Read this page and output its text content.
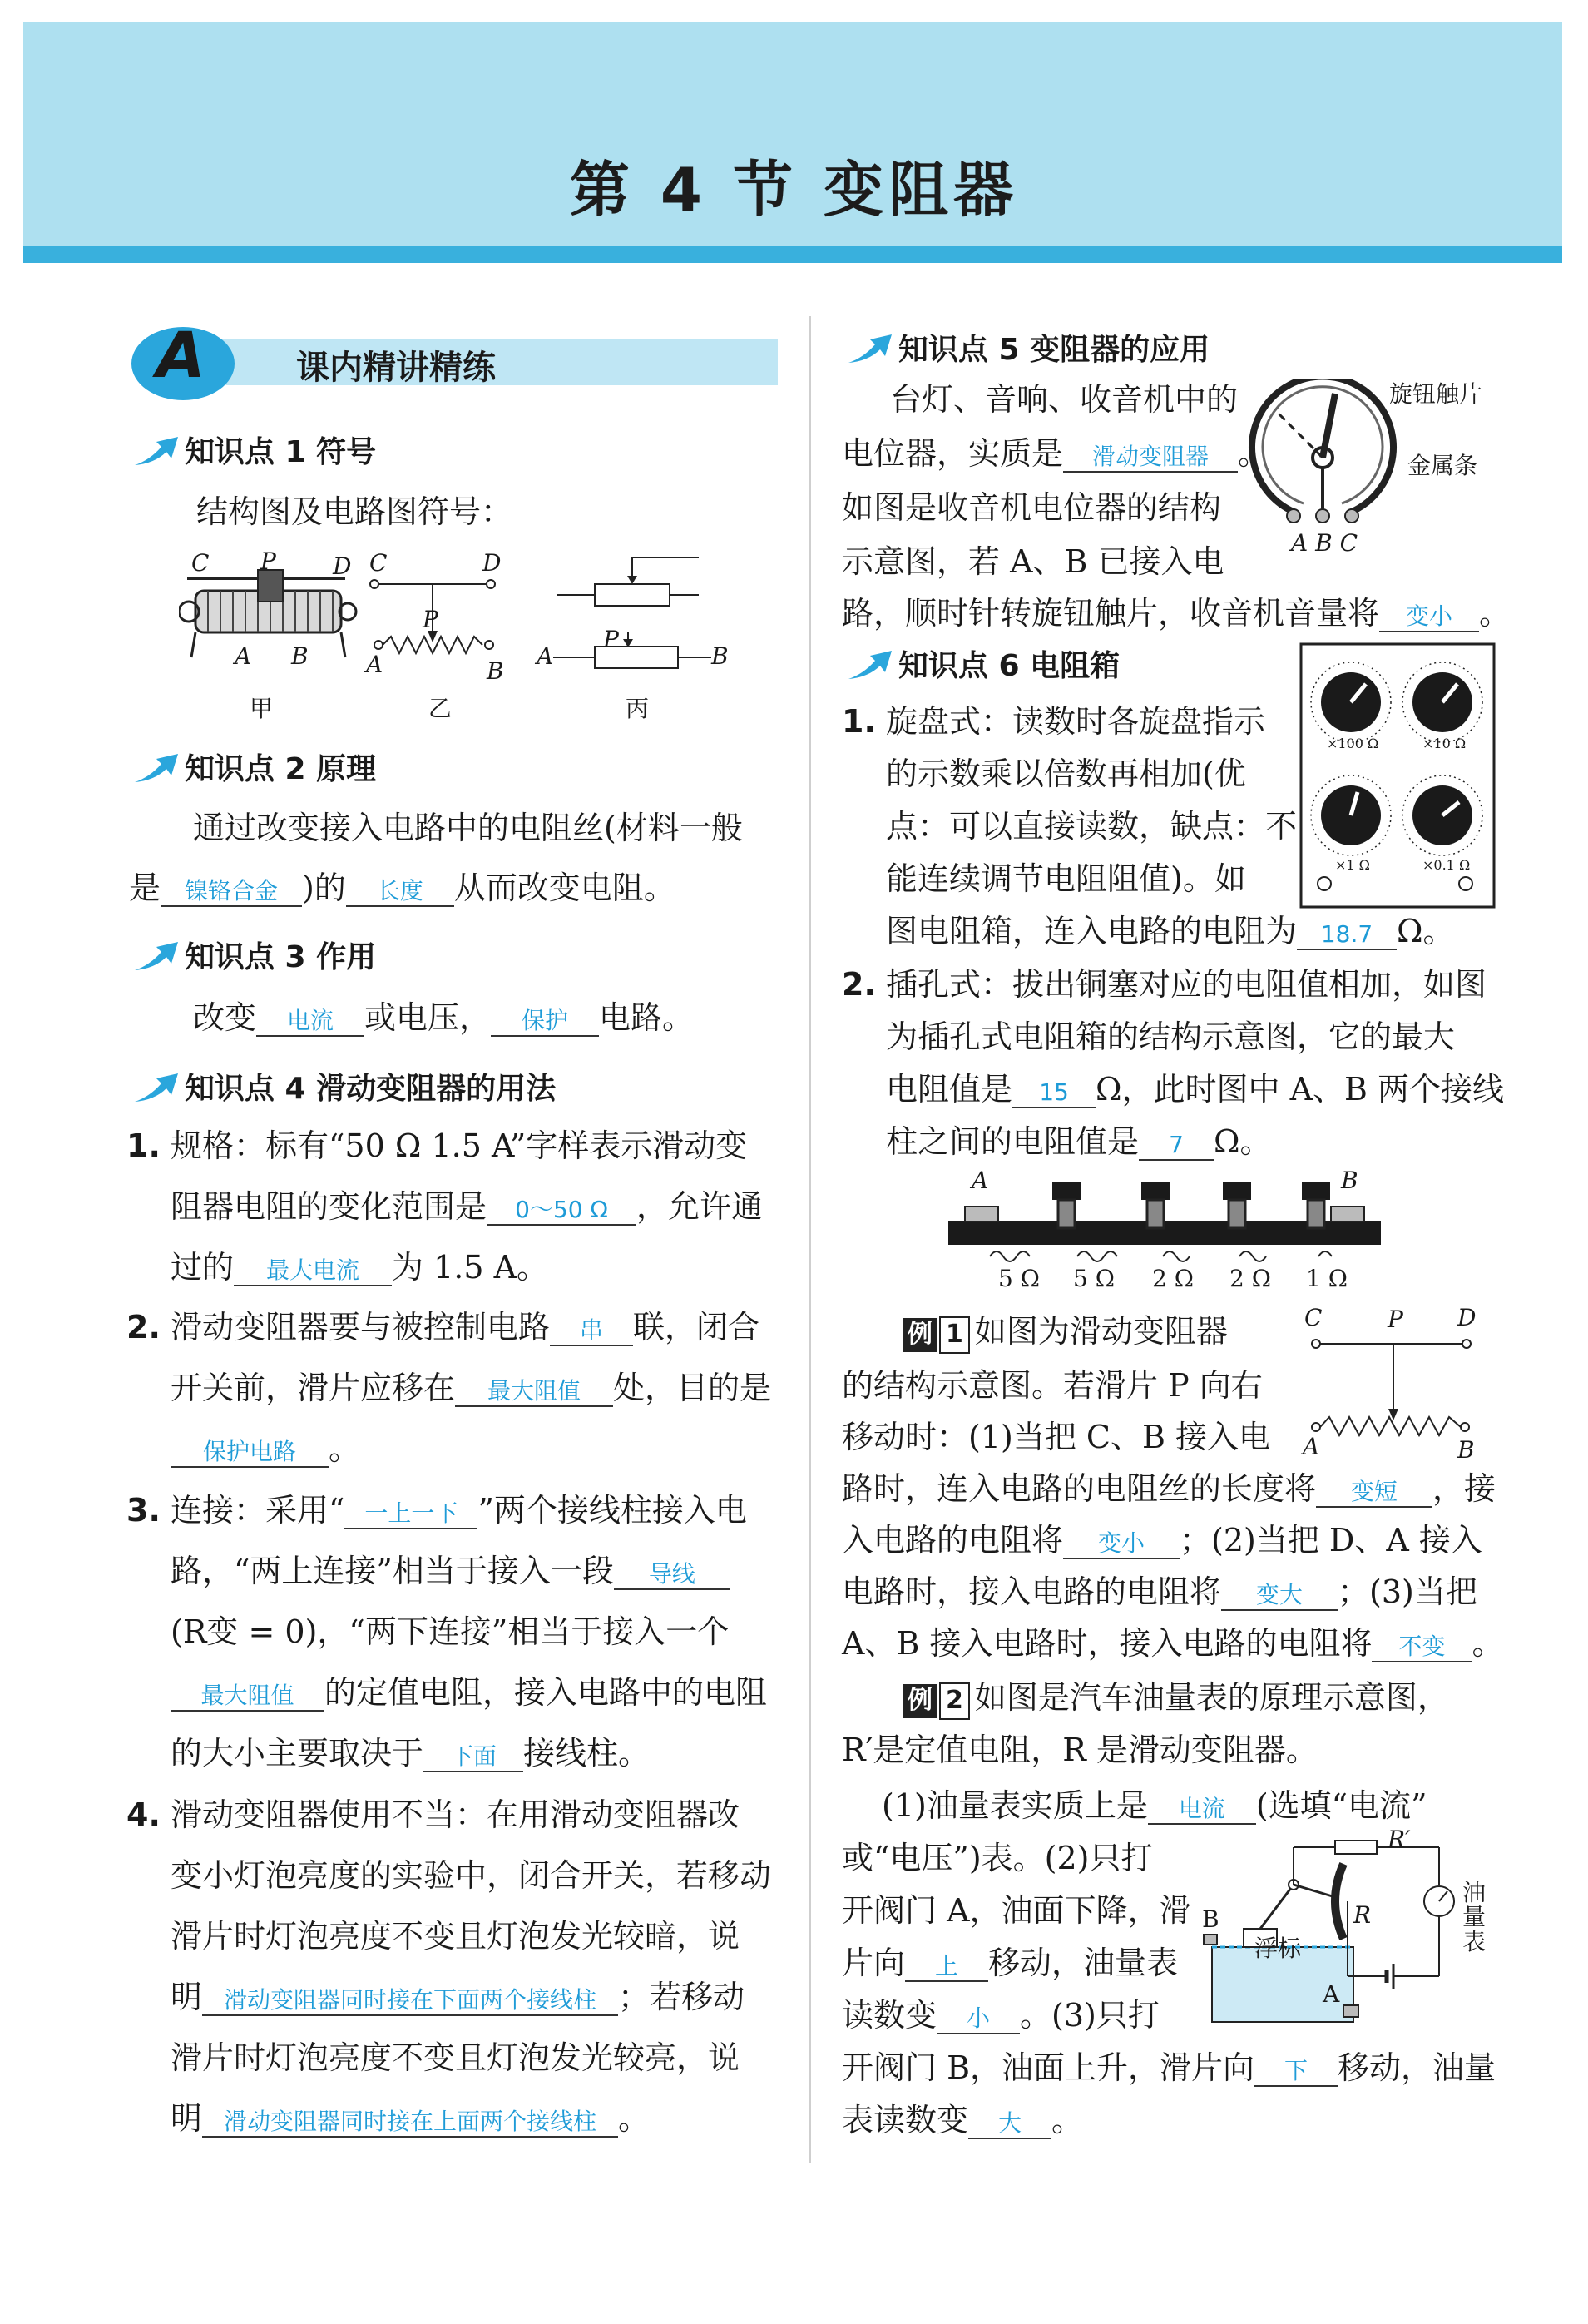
第 4 节 变阻器
A	课内精讲精练
知识点 1 符号
结构图及电路图符号：
C P D
A B
甲
C	D
P
A	B
乙
A
P
B
丙
知识点 2 原理
通过改变接入电路中的电阻丝(材料一般
是 镍铬合金 )的 长度 从而改变电阻。
知识点 3 作用
改变 电流 或电压， 保护 电路。
知识点 4 滑动变阻器的用法
1. 规格：标有“50 Ω 1.5 A”字样表示滑动变
阻器电阻的变化范围是 0～50 Ω ，允许通
过的 最大电流 为 1.5 A。
2. 滑动变阻器要与被控制电路 串 联，闭合
开关前，滑片应移在 最大阻值 处，目的是
保护电路 。
3. 连接：采用“ 一上一下 ”两个接线柱接入电
路，“两上连接”相当于接入一段 导线
(R变 = 0)，“两下连接”相当于接入一个
最大阻值 的定值电阻，接入电路中的电阻
的大小主要取决于 下面 接线柱。
4. 滑动变阻器使用不当：在用滑动变阻器改
变小灯泡亮度的实验中，闭合开关，若移动
滑片时灯泡亮度不变且灯泡发光较暗，说
明 滑动变阻器同时接在下面两个接线柱 ；若移动
滑片时灯泡亮度不变且灯泡发光较亮，说
明 滑动变阻器同时接在上面两个接线柱 。
知识点 5 变阻器的应用
台灯、音响、收音机中的
电位器，实质是 滑动变阻器 。
如图是收音机电位器的结构
示意图，若 A、B 已接入电
路，顺时针转旋钮触片，收音机音量将 变小 。
旋钮触片
金属条
A B C
知识点 6 电阻箱
1. 旋盘式：读数时各旋盘指示
的示数乘以倍数再相加(优
点：可以直接读数，缺点：不
能连续调节电阻阻值)。如
图电阻箱，连入电路的电阻为 18.7 Ω。
×100 Ω	×10 Ω
×1 Ω	×0.1 Ω
2. 插孔式：拔出铜塞对应的电阻值相加，如图
为插孔式电阻箱的结构示意图，它的最大
电阻值是 15 Ω，此时图中 A、B 两个接线
柱之间的电阻值是 7 Ω。
A	B
5 Ω 5 Ω 2 Ω 2 Ω 1 Ω
例 1 如图为滑动变阻器
的结构示意图。若滑片 P 向右
移动时：(1)当把 C、B 接入电
路时，连入电路的电阻丝的长度将 变短 ，接
入电路的电阻将 变小 ；(2)当把 D、A 接入
电路时，接入电路的电阻将 变大 ；(3)当把
A、B 接入电路时，接入电路的电阻将 不变 。
C	P D
A	B
例 2 如图是汽车油量表的原理示意图，
R′是定值电阻，R 是滑动变阻器。
(1)油量表实质上是 电流 (选填“电流”
或“电压”)表。(2)只打
开阀门 A，油面下降，滑
片向 上 移动，油量表
读数变 小 。(3)只打
开阀门 B，油面上升，滑片向 下 移动，油量
表读数变 大 。
R′
R
浮标
B
A
油量表
